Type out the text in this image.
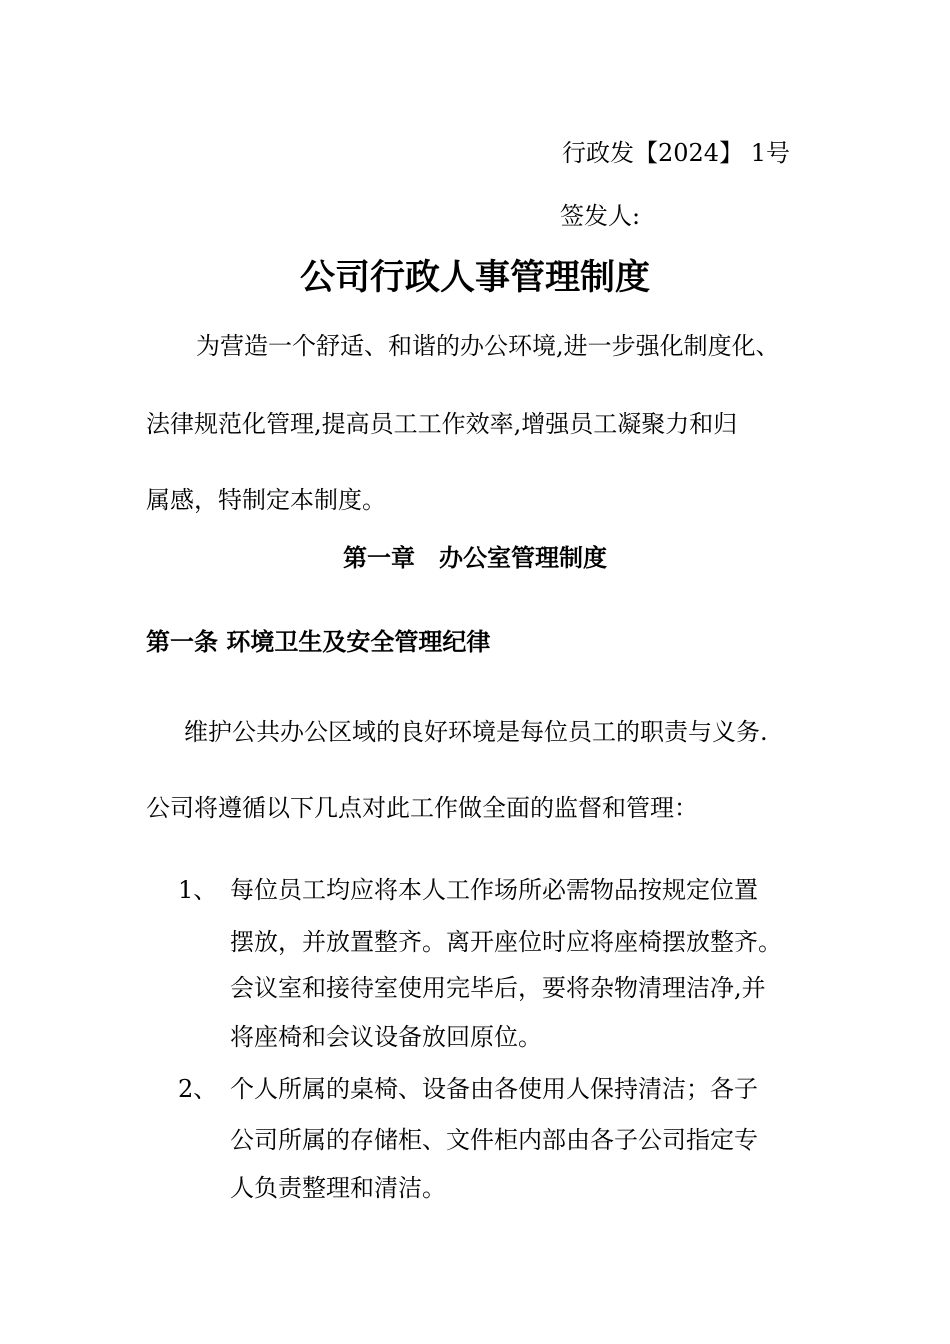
行政发【2024】 1号
签发人:
公司行政人事管理制度
为营造一个舒适、和谐的办公环境,进一步强化制度化、
法律规范化管理,提高员工工作效率,增强员工凝聚力和归
属感，特制定本制度。
第一章 办公室管理制度
第一条 环境卫生及安全管理纪律
维护公共办公区域的良好环境是每位员工的职责与义务.
公司将遵循以下几点对此工作做全面的监督和管理：
1、 每位员工均应将本人工作场所必需物品按规定位置
摆放，并放置整齐。离开座位时应将座椅摆放整齐。
会议室和接待室使用完毕后，要将杂物清理洁净,并
将座椅和会议设备放回原位。
2、 个人所属的桌椅、设备由各使用人保持清洁；各子
公司所属的存储柜、文件柜内部由各子公司指定专
人负责整理和清洁。
